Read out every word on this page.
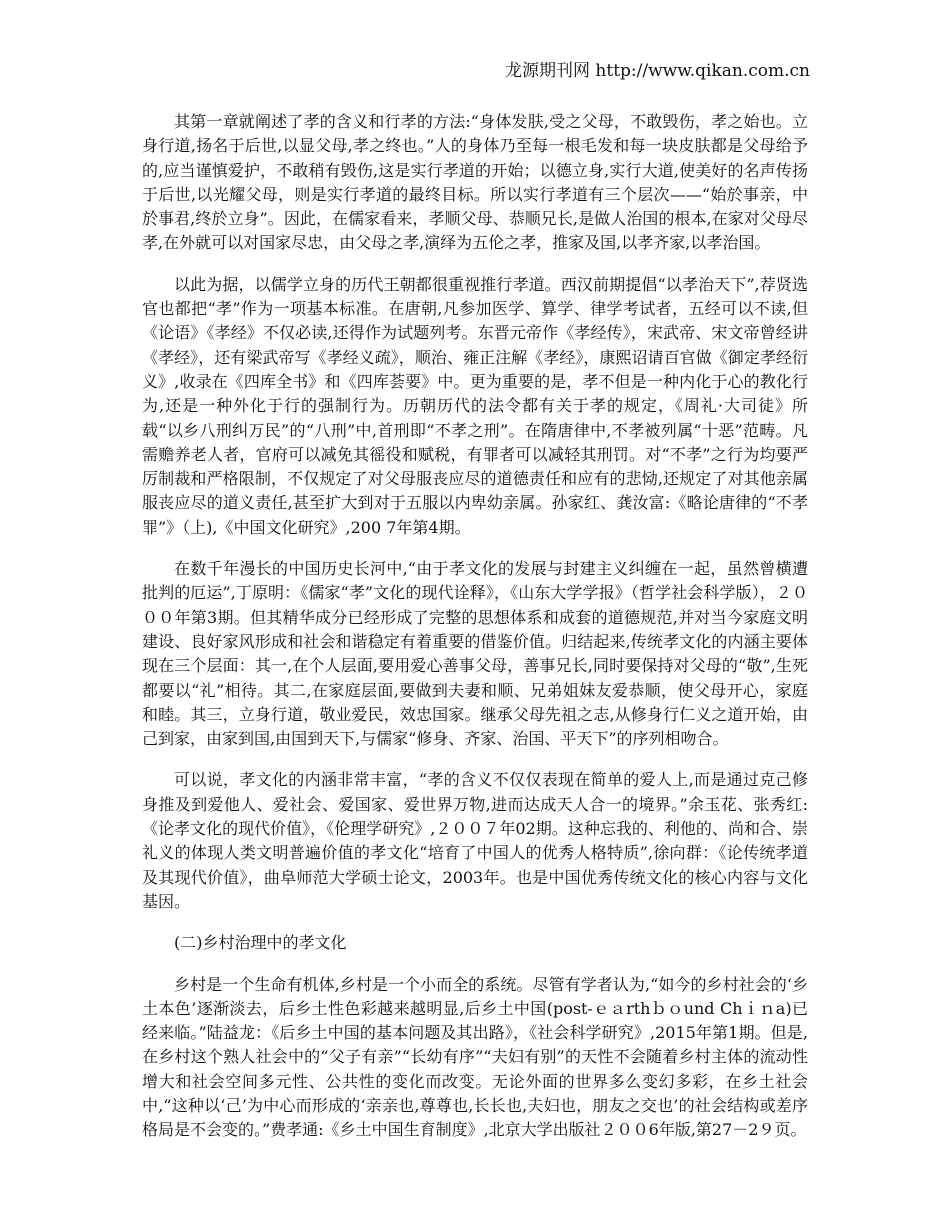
龙源期刊网 http://www.qikan.com.cn

其第一章就阐述了孝的含义和行孝的方法:“身体发肤,受之父母，不敢毁伤，孝之始也。立身行道,扬名于后世,以显父母,孝之终也。”人的身体乃至每一根毛发和每一块皮肤都是父母给予的,应当谨慎爱护，不敢稍有毁伤,这是实行孝道的开始；以德立身,实行大道,使美好的名声传扬于后世,以光耀父母，则是实行孝道的最终目标。所以实行孝道有三个层次——“始於事亲，中於事君,终於立身”。因此，在儒家看来，孝顺父母、恭顺兄长,是做人治国的根本,在家对父母尽孝,在外就可以对国家尽忠，由父母之孝,演绎为五伦之孝，推家及国,以孝齐家,以孝治国。

以此为据，以儒学立身的历代王朝都很重视推行孝道。西汉前期提倡“以孝治天下”,荐贤选官也都把“孝”作为一项基本标准。在唐朝,凡参加医学、算学、律学考试者，五经可以不读,但《论语》《孝经》不仅必读,还得作为试题列考。东晋元帝作《孝经传》，宋武帝、宋文帝曾经讲《孝经》，还有梁武帝写《孝经义疏》，顺治、雍正注解《孝经》，康熙诏请百官做《御定孝经衍义》,收录在《四库全书》和《四库荟要》中。更为重要的是，孝不但是一种内化于心的教化行为,还是一种外化于行的强制行为。历朝历代的法令都有关于孝的规定，《周礼·大司徒》所载“以乡八刑纠万民”的“八刑”中,首刑即“不孝之刑”。在隋唐律中,不孝被列属“十恶”范畴。凡需赡养老人者，官府可以减免其徭役和赋税，有罪者可以减轻其刑罚。对“不孝”之行为均要严厉制裁和严格限制，不仅规定了对父母服丧应尽的道德责任和应有的悲恸,还规定了对其他亲属服丧应尽的道义责任,甚至扩大到对于五服以内卑幼亲属。孙家红、龚汝富:《略论唐律的“不孝罪”》（上),《中国文化研究》,200 7年第4期。

在数千年漫长的中国历史长河中,“由于孝文化的发展与封建主义纠缠在一起，虽然曾横遭批判的厄运”,丁原明：《儒家“孝”文化的现代诠释》，《山东大学学报》（哲学社会科学版），２０００年第3期。但其精华成分已经形成了完整的思想体系和成套的道德规范,并对当今家庭文明建设、良好家风形成和社会和谐稳定有着重要的借鉴价值。归结起来,传统孝文化的内涵主要体现在三个层面：其一,在个人层面,要用爱心善事父母，善事兄长,同时要保持对父母的“敬”,生死都要以“礼”相待。其二,在家庭层面,要做到夫妻和顺、兄弟姐妹友爱恭顺，使父母开心，家庭和睦。其三，立身行道，敬业爱民，效忠国家。继承父母先祖之志,从修身行仁义之道开始，由己到家，由家到国,由国到天下,与儒家“修身、齐家、治国、平天下”的序列相吻合。

可以说，孝文化的内涵非常丰富，“孝的含义不仅仅表现在简单的爱人上,而是通过克己修身推及到爱他人、爱社会、爱国家、爱世界万物,进而达成天人合一的境界。”余玉花、张秀红:《论孝文化的现代价值》，《伦理学研究》,２００７年02期。这种忘我的、利他的、尚和合、崇礼义的体现人类文明普遍价值的孝文化“培育了中国人的优秀人格特质”,徐向群：《论传统孝道及其现代价值》，曲阜师范大学硕士论文，2003年。也是中国优秀传统文化的核心内容与文化基因。

(二)乡村治理中的孝文化

乡村是一个生命有机体,乡村是一个小而全的系统。尽管有学者认为,“如今的乡村社会的‘乡土本色’逐渐淡去，后乡土性色彩越来越明显,后乡土中国(post-ｅａrthｂｏund Chｉｎa)已经来临。”陆益龙：《后乡土中国的基本问题及其出路》，《社会科学研究》,2015年第1期。但是,在乡村这个熟人社会中的“父子有亲”“长幼有序”“夫妇有别”的天性不会随着乡村主体的流动性增大和社会空间多元性、公共性的变化而改变。无论外面的世界多么变幻多彩，在乡土社会中,“这种以‘己’为中心而形成的‘亲亲也,尊尊也,长长也,夫妇也，朋友之交也’的社会结构或差序格局是不会变的。”费孝通:《乡土中国生育制度》,北京大学出版社２００6年版,第27－2９页。
